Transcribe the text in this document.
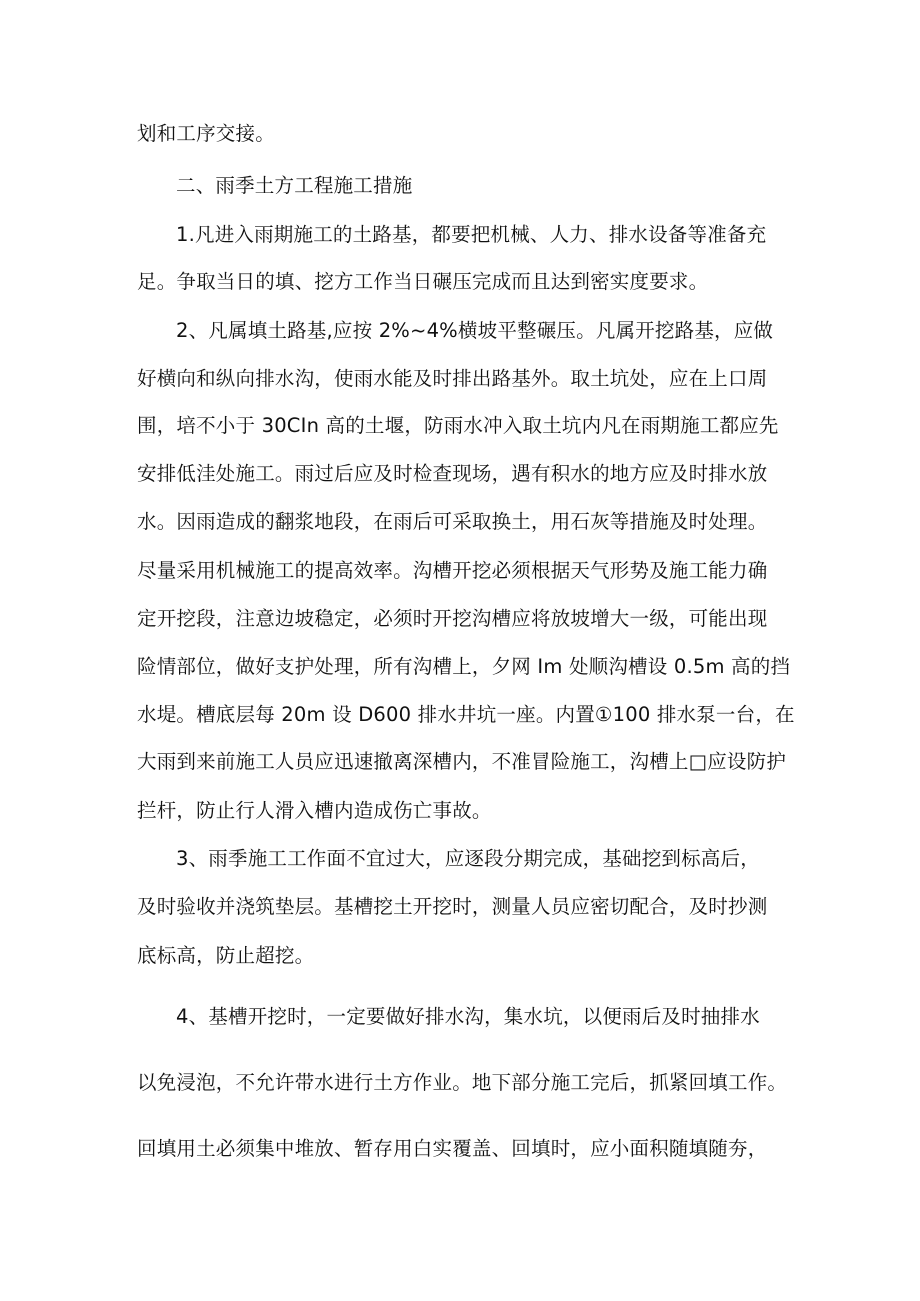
划和工序交接。
二、雨季土方工程施工措施
1.凡进入雨期施工的土路基，都要把机械、人力、排水设备等准备充
足。争取当日的填、挖方工作当日碾压完成而且达到密实度要求。
2、凡属填土路基,应按 2%~4%横坡平整碾压。凡属开挖路基，应做
好横向和纵向排水沟，使雨水能及时排出路基外。取土坑处，应在上口周
围，培不小于 30CIn 高的土堰，防雨水冲入取土坑内凡在雨期施工都应先
安排低洼处施工。雨过后应及时检查现场，遇有积水的地方应及时排水放
水。因雨造成的翻浆地段，在雨后可采取换土，用石灰等措施及时处理。
尽量采用机械施工的提高效率。沟槽开挖必须根据天气形势及施工能力确
定开挖段，注意边坡稳定，必须时开挖沟槽应将放坡增大一级，可能出现
险情部位，做好支护处理，所有沟槽上，夕网 Im 处顺沟槽设 0.5m 高的挡
水堤。槽底层每 20m 设 D600 排水井坑一座。内置①100 排水泵一台，在
大雨到来前施工人员应迅速撤离深槽内，不准冒险施工，沟槽上□应设防护
拦杆，防止行人滑入槽内造成伤亡事故。
3、雨季施工工作面不宜过大，应逐段分期完成，基础挖到标高后，
及时验收并浇筑垫层。基槽挖土开挖时，测量人员应密切配合，及时抄测
底标高，防止超挖。
4、基槽开挖时，一定要做好排水沟，集水坑，以便雨后及时抽排水
以免浸泡，不允许带水进行土方作业。地下部分施工完后，抓紧回填工作。
回填用土必须集中堆放、暂存用白实覆盖、回填时，应小面积随填随夯，
